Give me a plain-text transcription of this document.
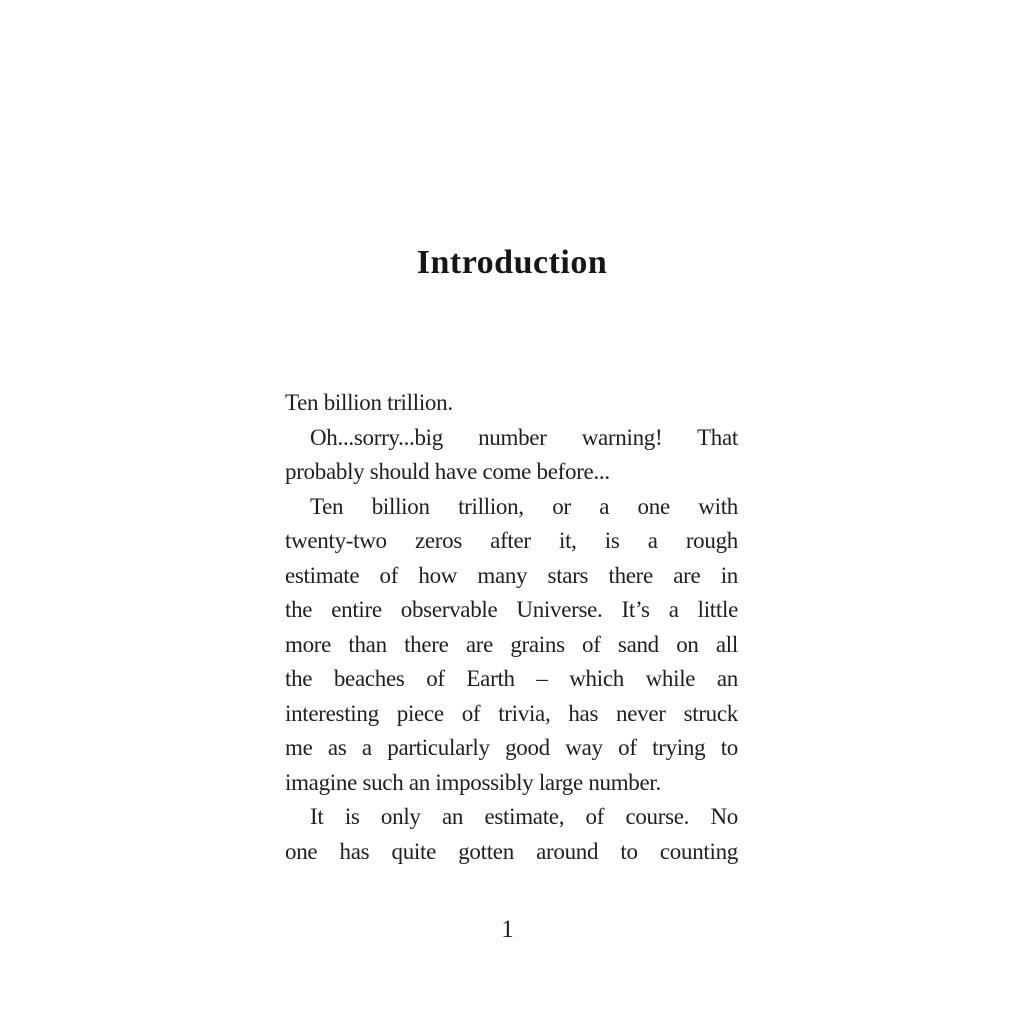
Introduction
Ten billion trillion.
Oh...sorry...big number warning! That
probably should have come before...
Ten billion trillion, or a one with
twenty-two zeros after it, is a rough
estimate of how many stars there are in
the entire observable Universe. It’s a little
more than there are grains of sand on all
the beaches of Earth – which while an
interesting piece of trivia, has never struck
me as a particularly good way of trying to
imagine such an impossibly large number.
It is only an estimate, of course. No
one has quite gotten around to counting
1
